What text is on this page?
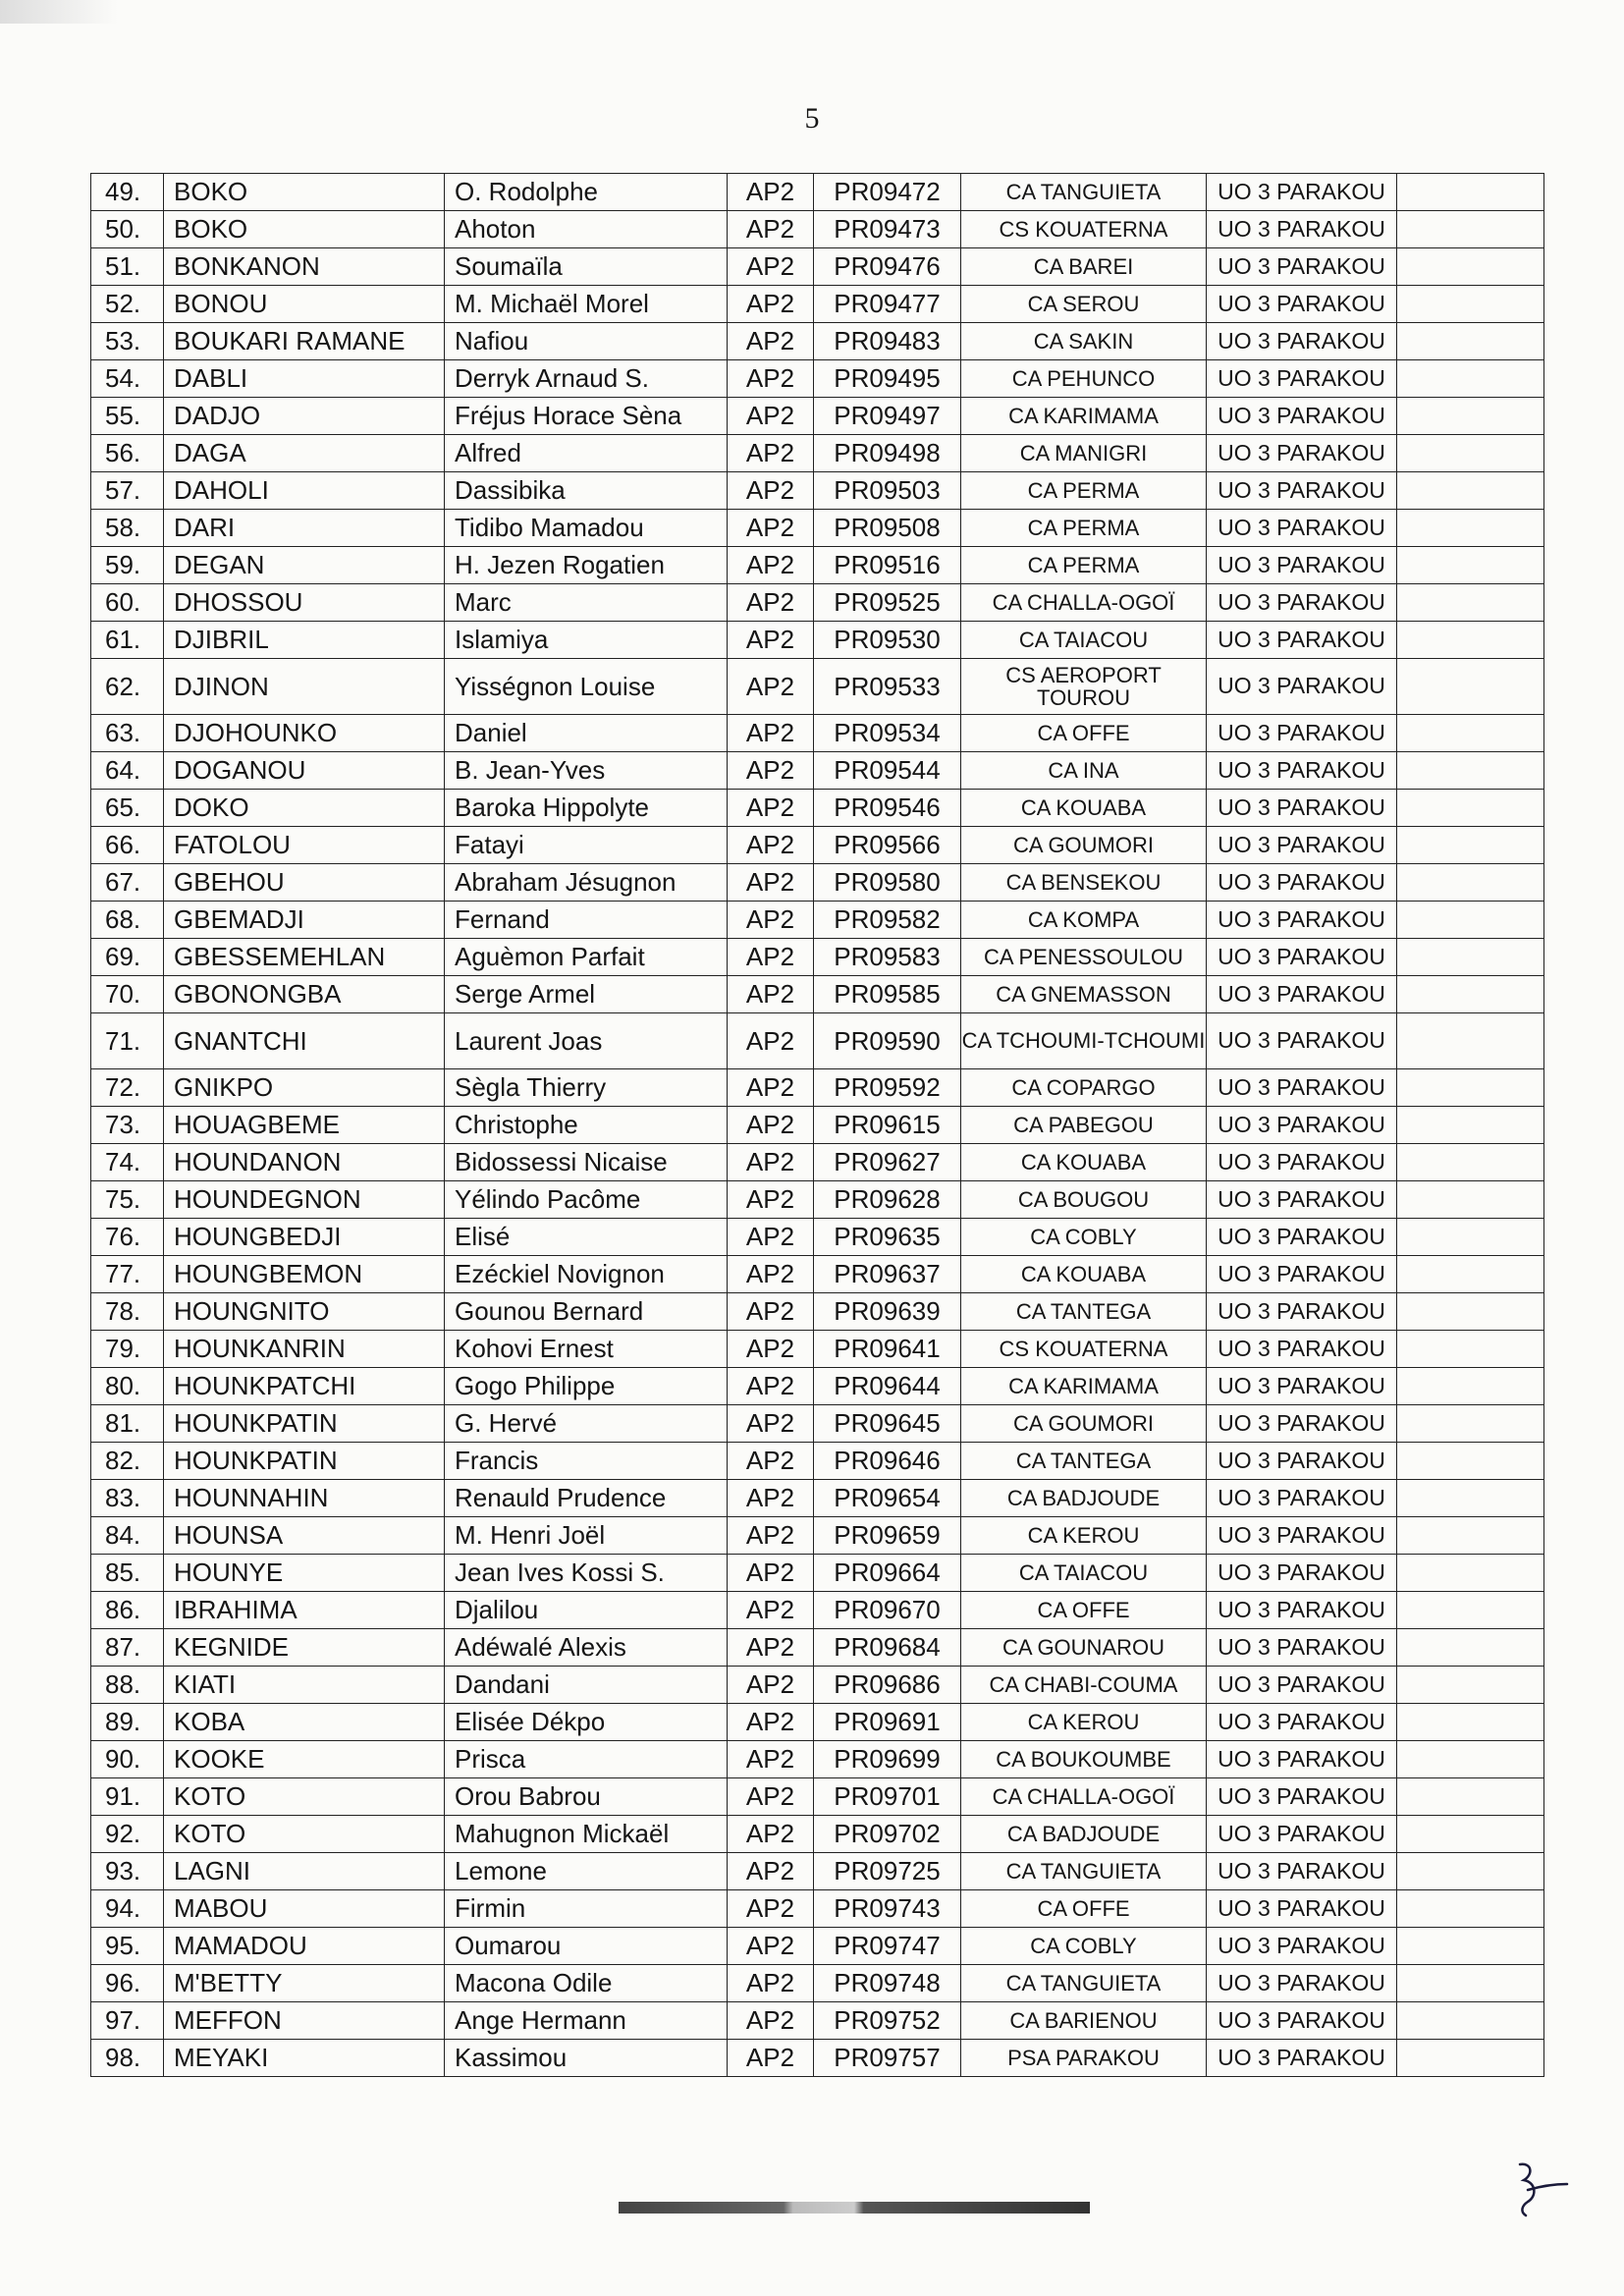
5
49.	BOKO	O. Rodolphe	AP2	PR09472	CA TANGUIETA	UO 3 PARAKOU	
50.	BOKO	Ahoton	AP2	PR09473	CS KOUATERNA	UO 3 PARAKOU	
51.	BONKANON	Soumaïla	AP2	PR09476	CA BAREI	UO 3 PARAKOU	
52.	BONOU	M. Michaël Morel	AP2	PR09477	CA SEROU	UO 3 PARAKOU	
53.	BOUKARI RAMANE	Nafiou	AP2	PR09483	CA SAKIN	UO 3 PARAKOU	
54.	DABLI	Derryk Arnaud S.	AP2	PR09495	CA PEHUNCO	UO 3 PARAKOU	
55.	DADJO	Fréjus Horace Sèna	AP2	PR09497	CA KARIMAMA	UO 3 PARAKOU	
56.	DAGA	Alfred	AP2	PR09498	CA MANIGRI	UO 3 PARAKOU	
57.	DAHOLI	Dassibika	AP2	PR09503	CA PERMA	UO 3 PARAKOU	
58.	DARI	Tidibo Mamadou	AP2	PR09508	CA PERMA	UO 3 PARAKOU	
59.	DEGAN	H. Jezen Rogatien	AP2	PR09516	CA PERMA	UO 3 PARAKOU	
60.	DHOSSOU	Marc	AP2	PR09525	CA CHALLA-OGOÏ	UO 3 PARAKOU	
61.	DJIBRIL	Islamiya	AP2	PR09530	CA TAIACOU	UO 3 PARAKOU	
62.	DJINON	Yisségnon Louise	AP2	PR09533	CS AEROPORT TOUROU	UO 3 PARAKOU	
63.	DJOHOUNKO	Daniel	AP2	PR09534	CA OFFE	UO 3 PARAKOU	
64.	DOGANOU	B. Jean-Yves	AP2	PR09544	CA INA	UO 3 PARAKOU	
65.	DOKO	Baroka Hippolyte	AP2	PR09546	CA KOUABA	UO 3 PARAKOU	
66.	FATOLOU	Fatayi	AP2	PR09566	CA GOUMORI	UO 3 PARAKOU	
67.	GBEHOU	Abraham Jésugnon	AP2	PR09580	CA BENSEKOU	UO 3 PARAKOU	
68.	GBEMADJI	Fernand	AP2	PR09582	CA KOMPA	UO 3 PARAKOU	
69.	GBESSEMEHLAN	Aguèmon Parfait	AP2	PR09583	CA PENESSOULOU	UO 3 PARAKOU	
70.	GBONONGBA	Serge Armel	AP2	PR09585	CA GNEMASSON	UO 3 PARAKOU	
71.	GNANTCHI	Laurent Joas	AP2	PR09590	CA TCHOUMI-TCHOUMI	UO 3 PARAKOU	
72.	GNIKPO	Sègla Thierry	AP2	PR09592	CA COPARGO	UO 3 PARAKOU	
73.	HOUAGBEME	Christophe	AP2	PR09615	CA PABEGOU	UO 3 PARAKOU	
74.	HOUNDANON	Bidossessi Nicaise	AP2	PR09627	CA KOUABA	UO 3 PARAKOU	
75.	HOUNDEGNON	Yélindo Pacôme	AP2	PR09628	CA BOUGOU	UO 3 PARAKOU	
76.	HOUNGBEDJI	Elisé	AP2	PR09635	CA COBLY	UO 3 PARAKOU	
77.	HOUNGBEMON	Ezéckiel Novignon	AP2	PR09637	CA KOUABA	UO 3 PARAKOU	
78.	HOUNGNITO	Gounou Bernard	AP2	PR09639	CA TANTEGA	UO 3 PARAKOU	
79.	HOUNKANRIN	Kohovi Ernest	AP2	PR09641	CS KOUATERNA	UO 3 PARAKOU	
80.	HOUNKPATCHI	Gogo Philippe	AP2	PR09644	CA KARIMAMA	UO 3 PARAKOU	
81.	HOUNKPATIN	G. Hervé	AP2	PR09645	CA GOUMORI	UO 3 PARAKOU	
82.	HOUNKPATIN	Francis	AP2	PR09646	CA TANTEGA	UO 3 PARAKOU	
83.	HOUNNAHIN	Renauld Prudence	AP2	PR09654	CA BADJOUDE	UO 3 PARAKOU	
84.	HOUNSA	M. Henri Joël	AP2	PR09659	CA KEROU	UO 3 PARAKOU	
85.	HOUNYE	Jean Ives Kossi S.	AP2	PR09664	CA TAIACOU	UO 3 PARAKOU	
86.	IBRAHIMA	Djalilou	AP2	PR09670	CA OFFE	UO 3 PARAKOU	
87.	KEGNIDE	Adéwalé Alexis	AP2	PR09684	CA GOUNAROU	UO 3 PARAKOU	
88.	KIATI	Dandani	AP2	PR09686	CA CHABI-COUMA	UO 3 PARAKOU	
89.	KOBA	Elisée Dékpo	AP2	PR09691	CA KEROU	UO 3 PARAKOU	
90.	KOOKE	Prisca	AP2	PR09699	CA BOUKOUMBE	UO 3 PARAKOU	
91.	KOTO	Orou Babrou	AP2	PR09701	CA CHALLA-OGOÏ	UO 3 PARAKOU	
92.	KOTO	Mahugnon Mickaël	AP2	PR09702	CA BADJOUDE	UO 3 PARAKOU	
93.	LAGNI	Lemone	AP2	PR09725	CA TANGUIETA	UO 3 PARAKOU	
94.	MABOU	Firmin	AP2	PR09743	CA OFFE	UO 3 PARAKOU	
95.	MAMADOU	Oumarou	AP2	PR09747	CA COBLY	UO 3 PARAKOU	
96.	M'BETTY	Macona Odile	AP2	PR09748	CA TANGUIETA	UO 3 PARAKOU	
97.	MEFFON	Ange Hermann	AP2	PR09752	CA BARIENOU	UO 3 PARAKOU	
98.	MEYAKI	Kassimou	AP2	PR09757	PSA PARAKOU	UO 3 PARAKOU	
